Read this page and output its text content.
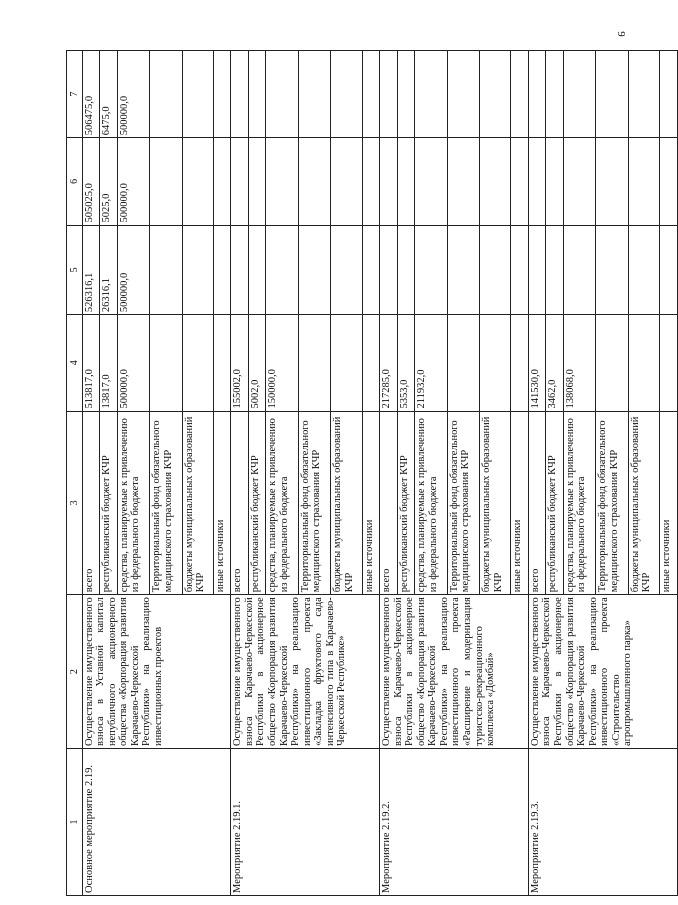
9
1	2	3	4	5	6	7
Основное мероприятие 2.19.	Осуществление имущественного взноса в Уставной капитал непубличного акционерного общества «Корпорация развития Карачаево-Черкесской Республики» на реализацию инвестиционных проектов	всего	513817,0	526316,1	505025,0	506475,0
		республиканский бюджет КЧР	13817,0	26316,1	5025,0	6475,0
		средства, планируемые к привлечению из федерального бюджета	500000,0	500000,0	500000,0	500000,0
		Территориальный фонд обязательного медицинского страхования КЧР				
		бюджеты муниципальных образований КЧР				
		иные источники				
Мероприятие 2.19.1.	Осуществление имущественного взноса Карачаево-Черкесской Республики в акционерное общество «Корпорация развития Карачаево-Черкесской Республики» на реализацию инвестиционного проекта «Закладка фруктового сада интенсивного типа в Карачаево-Черкесской Республике»	всего	155002,0			
		республиканский бюджет КЧР	5002,0			
		средства, планируемые к привлечению из федерального бюджета	150000,0			
		Территориальный фонд обязательного медицинского страхования КЧР				
		бюджеты муниципальных образований КЧР				
		иные источники				
Мероприятие 2.19.2.	Осуществление имущественного взноса Карачаево-Черкесской Республики в акционерное общество «Корпорация развития Карачаево-Черкесской Республики» на реализацию инвестиционного проекта «Расширение и модернизация туристско-рекреационного комплекса «Домбай»	всего	217285,0			
		республиканский бюджет КЧР	5353,0			
		средства, планируемые к привлечению из федерального бюджета	211932,0			
		Территориальный фонд обязательного медицинского страхования КЧР				
		бюджеты муниципальных образований КЧР				
		иные источники				
Мероприятие 2.19.3.	Осуществление имущественного взноса Карачаево-Черкесской Республики в акционерное общество «Корпорация развития Карачаево-Черкесской Республики» на реализацию инвестиционного проекта «Строительство агропромышленного парка»	всего	141530,0			
		республиканский бюджет КЧР	3462,0			
		средства, планируемые к привлечению из федерального бюджета	138068,0			
		Территориальный фонд обязательного медицинского страхования КЧР				
		бюджеты муниципальных образований КЧР				
		иные источники				
